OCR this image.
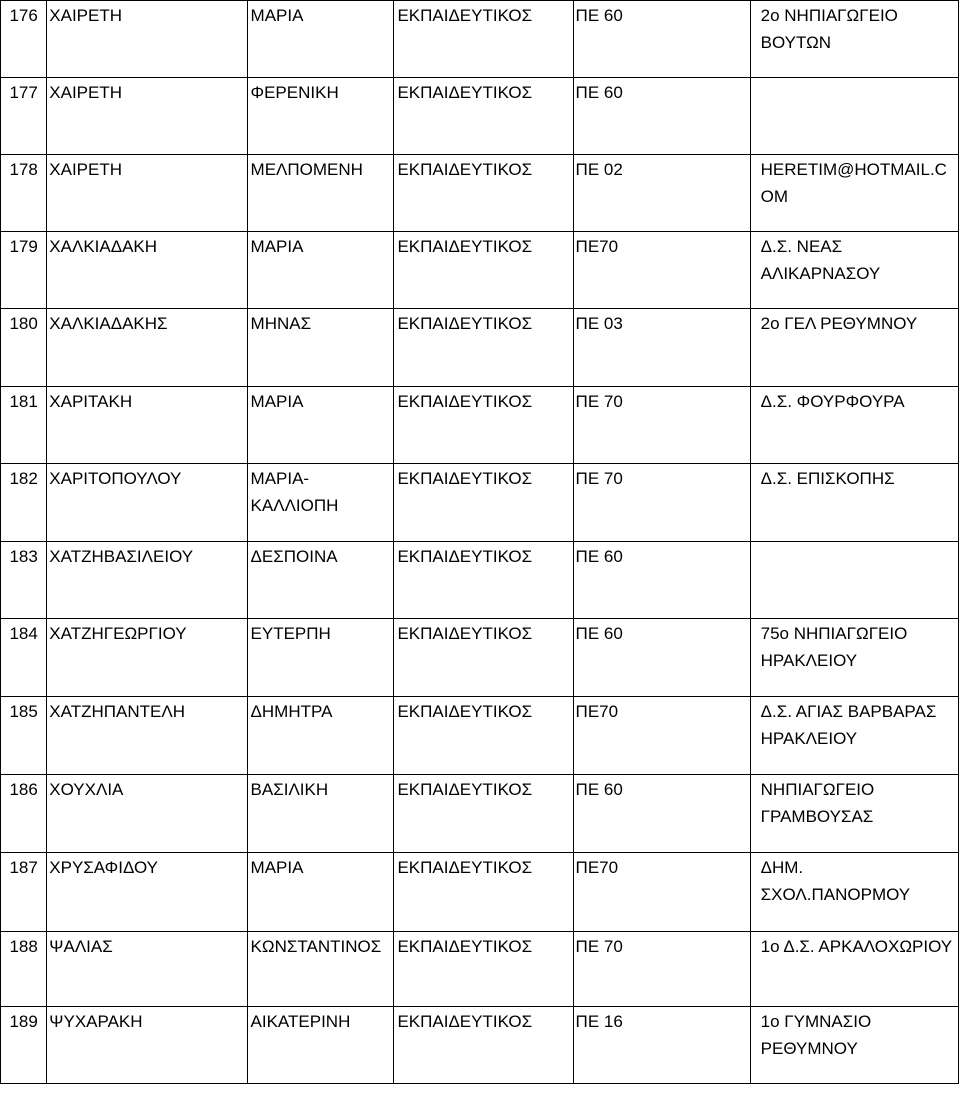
176	ΧΑΙΡΕΤΗ	ΜΑΡΙΑ	ΕΚΠΑΙΔΕΥΤΙΚΟΣ	ΠΕ 60	2ο ΝΗΠΙΑΓΩΓΕΙΟ
ΒΟΥΤΩΝ

177	ΧΑΙΡΕΤΗ	ΦΕΡΕΝΙΚΗ	ΕΚΠΑΙΔΕΥΤΙΚΟΣ	ΠΕ 60	
178	ΧΑΙΡΕΤΗ	ΜΕΛΠΟΜΕΝΗ	ΕΚΠΑΙΔΕΥΤΙΚΟΣ	ΠΕ 02	HERETIM@HOTMAIL.C
OM

179	ΧΑΛΚΙΑΔΑΚΗ	ΜΑΡΙΑ	ΕΚΠΑΙΔΕΥΤΙΚΟΣ	ΠΕ70	Δ.Σ. ΝΕΑΣ
ΑΛΙΚΑΡΝΑΣΟΥ

180	ΧΑΛΚΙΑΔΑΚΗΣ	ΜΗΝΑΣ	ΕΚΠΑΙΔΕΥΤΙΚΟΣ	ΠΕ 03	2ο ΓΕΛ ΡΕΘΥΜΝΟΥ

181	ΧΑΡΙΤΑΚΗ	ΜΑΡΙΑ	ΕΚΠΑΙΔΕΥΤΙΚΟΣ	ΠΕ 70	Δ.Σ. ΦΟΥΡΦΟΥΡΑ

182	ΧΑΡΙΤΟΠΟΥΛΟΥ	ΜΑΡΙΑ-
ΚΑΛΛΙΟΠΗ	ΕΚΠΑΙΔΕΥΤΙΚΟΣ	ΠΕ 70	Δ.Σ. ΕΠΙΣΚΟΠΗΣ

183	ΧΑΤΖΗΒΑΣΙΛΕΙΟΥ	ΔΕΣΠΟΙΝΑ	ΕΚΠΑΙΔΕΥΤΙΚΟΣ	ΠΕ 60	
184	ΧΑΤΖΗΓΕΩΡΓΙΟΥ	ΕΥΤΕΡΠΗ	ΕΚΠΑΙΔΕΥΤΙΚΟΣ	ΠΕ 60	75ο ΝΗΠΙΑΓΩΓΕΙΟ
ΗΡΑΚΛΕΙΟΥ

185	ΧΑΤΖΗΠΑΝΤΕΛΗ	ΔΗΜΗΤΡΑ	ΕΚΠΑΙΔΕΥΤΙΚΟΣ	ΠΕ70	Δ.Σ. ΑΓΙΑΣ ΒΑΡΒΑΡΑΣ
ΗΡΑΚΛΕΙΟΥ

186	ΧΟΥΧΛΙΑ	ΒΑΣΙΛΙΚΗ	ΕΚΠΑΙΔΕΥΤΙΚΟΣ	ΠΕ 60	ΝΗΠΙΑΓΩΓΕΙΟ
ΓΡΑΜΒΟΥΣΑΣ

187	ΧΡΥΣΑΦΙΔΟΥ	ΜΑΡΙΑ	ΕΚΠΑΙΔΕΥΤΙΚΟΣ	ΠΕ70	ΔΗΜ.
ΣΧΟΛ.ΠΑΝΟΡΜΟΥ

188	ΨΑΛΙΑΣ	ΚΩΝΣΤΑΝΤΙΝΟΣ	ΕΚΠΑΙΔΕΥΤΙΚΟΣ	ΠΕ 70	1ο Δ.Σ. ΑΡΚΑΛΟΧΩΡΙΟΥ

189	ΨΥΧΑΡΑΚΗ	ΑΙΚΑΤΕΡΙΝΗ	ΕΚΠΑΙΔΕΥΤΙΚΟΣ	ΠΕ 16	1ο ΓΥΜΝΑΣΙΟ
ΡΕΘΥΜΝΟΥ
